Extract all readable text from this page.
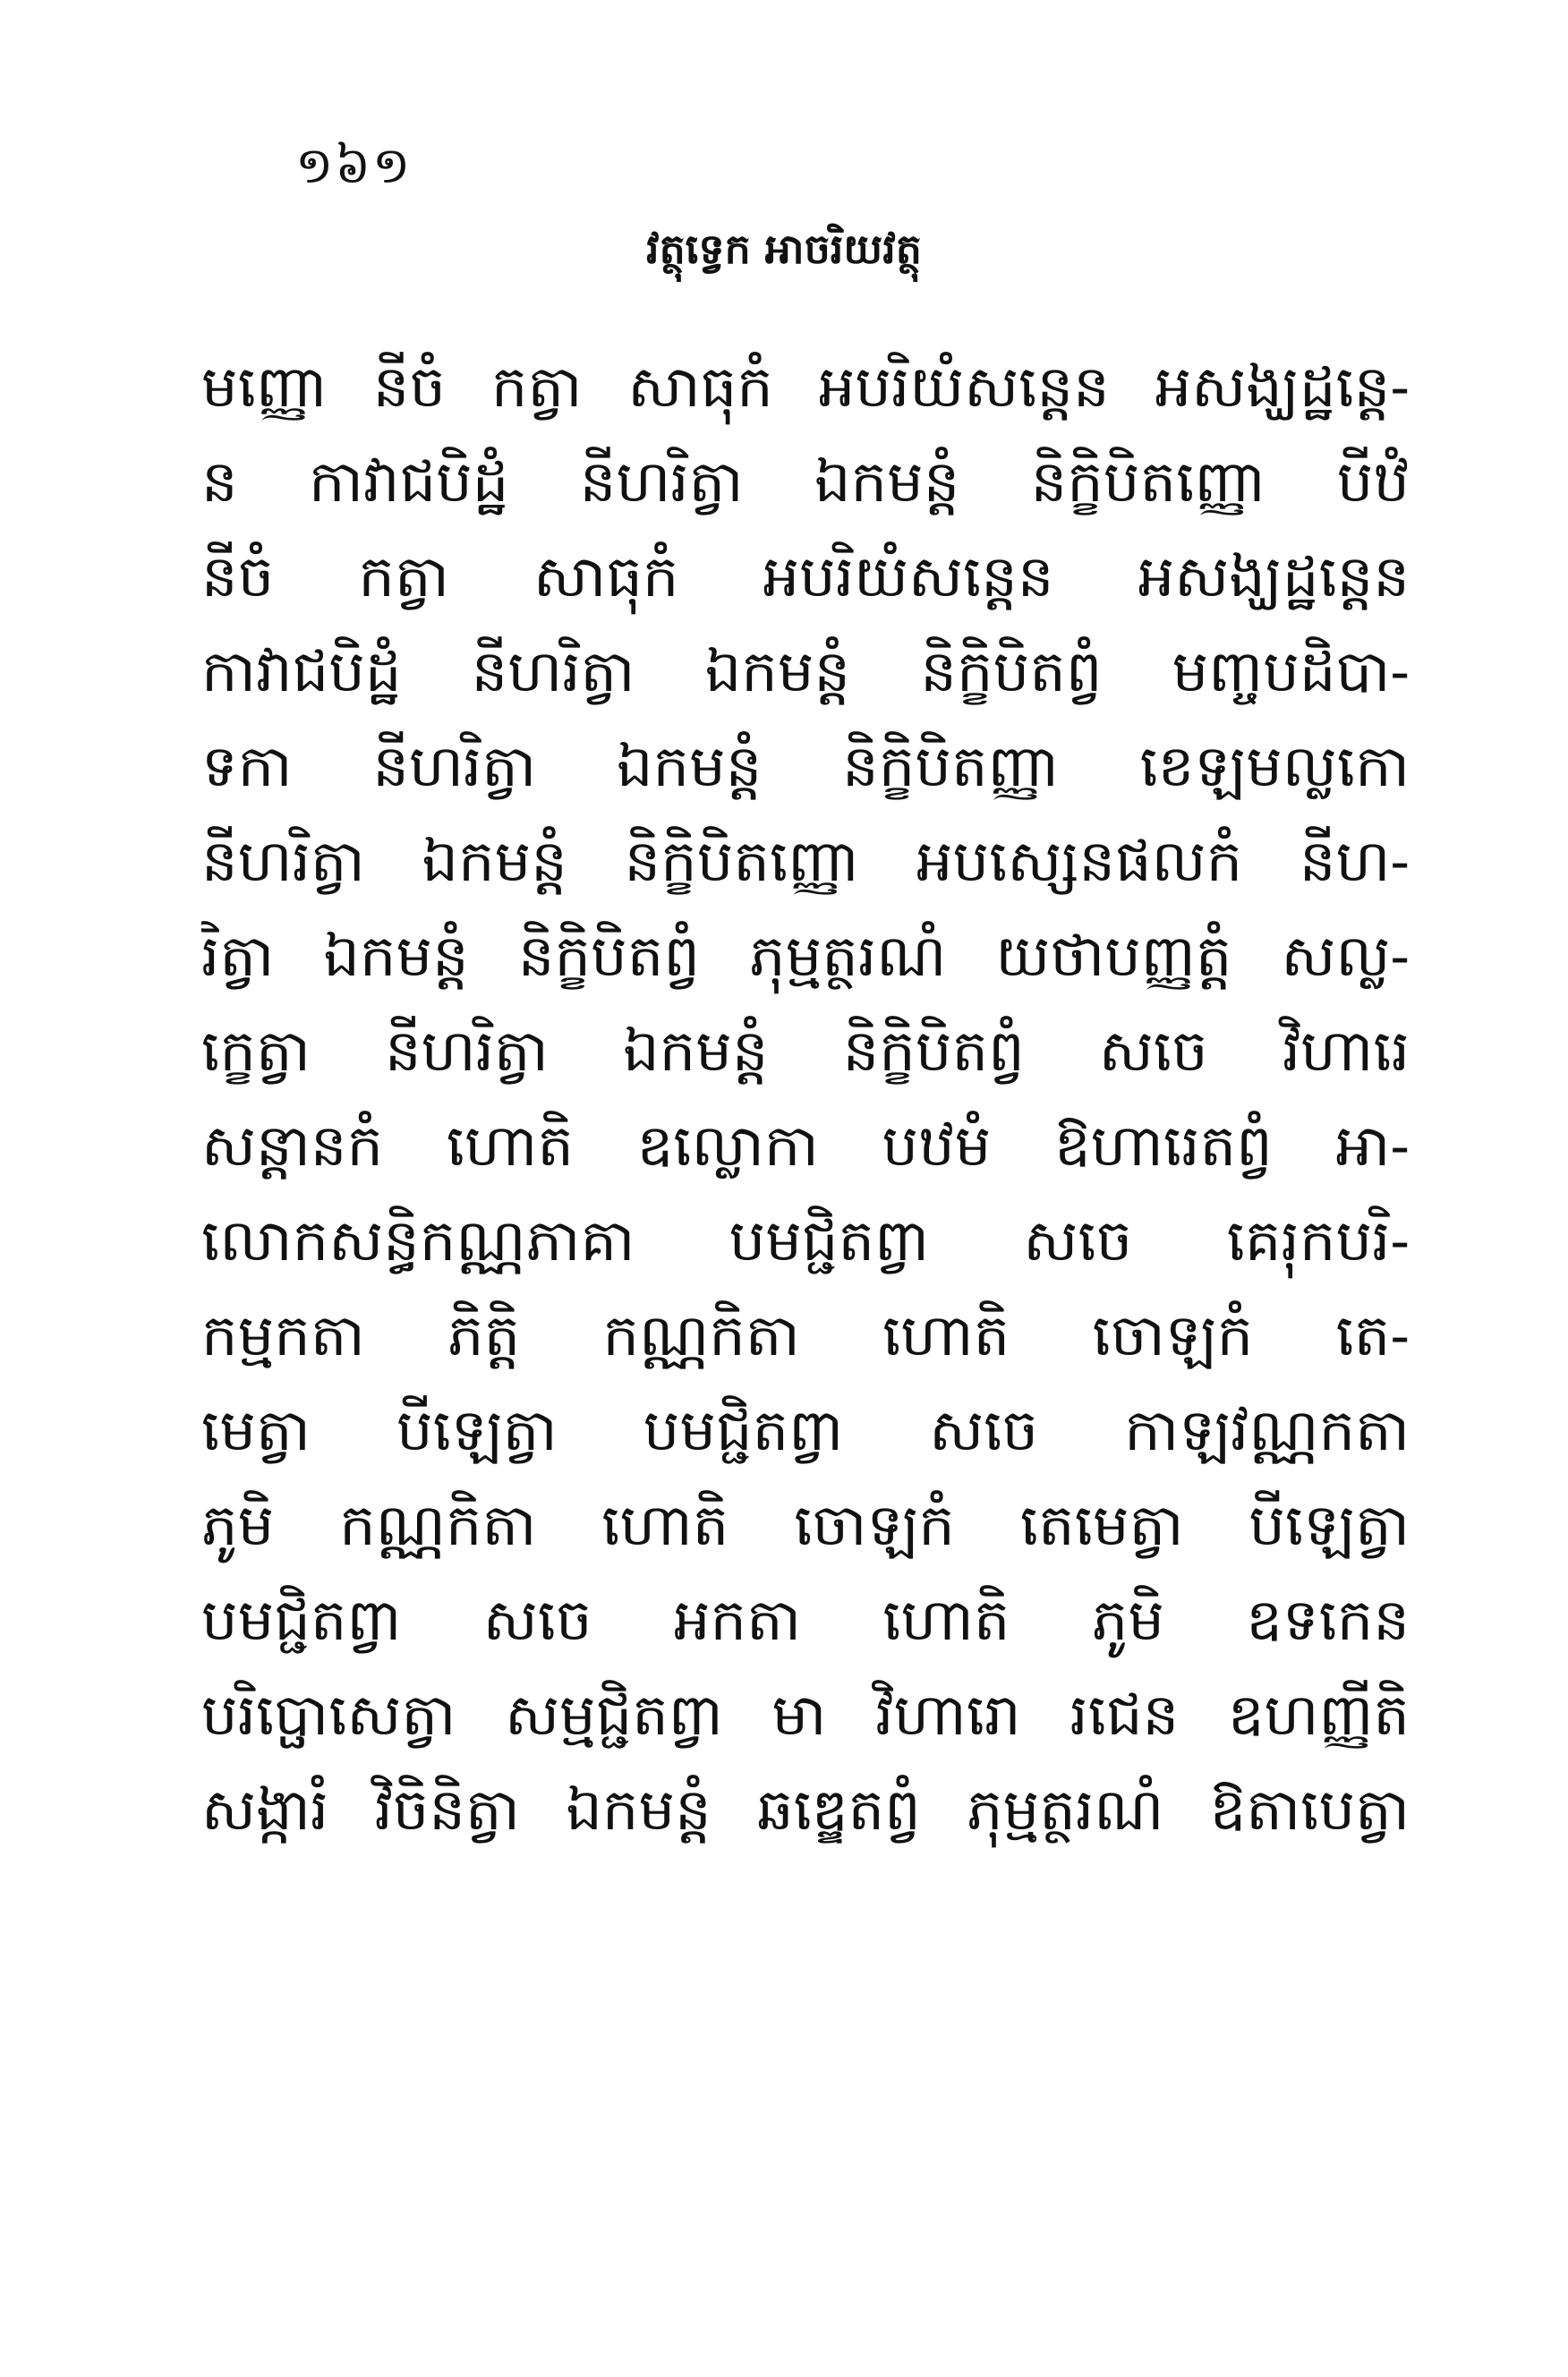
១៦១
វត្ថុទ្វេក អាចរិយវត្ថុ
មញ្ញោ នីចំ កត្វា សាធុកំ អបរិយំសន្តេន អសង្ឃដ្ឋន្តេ-
ន កាវាជបិដ្ឋំ នីហរិត្វា ឯកមន្តំ និក្ខិបិតញ្ញោ បីឋំ
នីចំ កត្វា សាធុកំ អបរិយំសន្តេន អសង្ឃដ្ឋន្តេន
កាវាជបិដ្ឋំ នីហរិត្វា ឯកមន្តំ និក្ខិបិតព្វំ មញ្ចបដិបា-
ទកា នីហរិត្វា ឯកមន្តំ និក្ខិបិតញ្ញា ខេឡមល្លកោ
នីហរិត្វា ឯកមន្តំ និក្ខិបិតញ្ញោ អបស្សេនផលកំ នីហ-
រិត្វា ឯកមន្តំ និក្ខិបិតព្វំ ភុម្មត្ថរណំ យថាបញ្ញត្តំ សល្ល-
ក្ខេត្វា នីហរិត្វា ឯកមន្តំ និក្ខិបិតព្វំ សចេ វិហារេ
សន្តានកំ ហោតិ ឧល្លោកា បឋមំ ឱហារេតព្វំ អា-
លោកសន្ធិកណ្ណភាគា បមជ្ជិតព្វា សចេ គេរុកបរិ-
កម្មកតា ភិត្តិ កណ្ណកិតា ហោតិ ចោឡកំ តេ-
មេត្វា បីឡេត្វា បមជ្ជិតព្វា សចេ កាឡវណ្ណកតា
ភូមិ កណ្ណកិតា ហោតិ ចោឡកំ តេមេត្វា បីឡេត្វា
បមជ្ជិតព្វា សចេ អកតា ហោតិ ភូមិ ឧទកេន
បរិប្ផោសេត្វា សម្មជ្ជិតព្វា មា វិហារោ រជេន ឧហញ្ញីតិ
សង្ការំ វិចិនិត្វា ឯកមន្តំ ឆឌ្ឌេតព្វំ ភុម្មត្ថរណំ ឱតាបេត្វា
